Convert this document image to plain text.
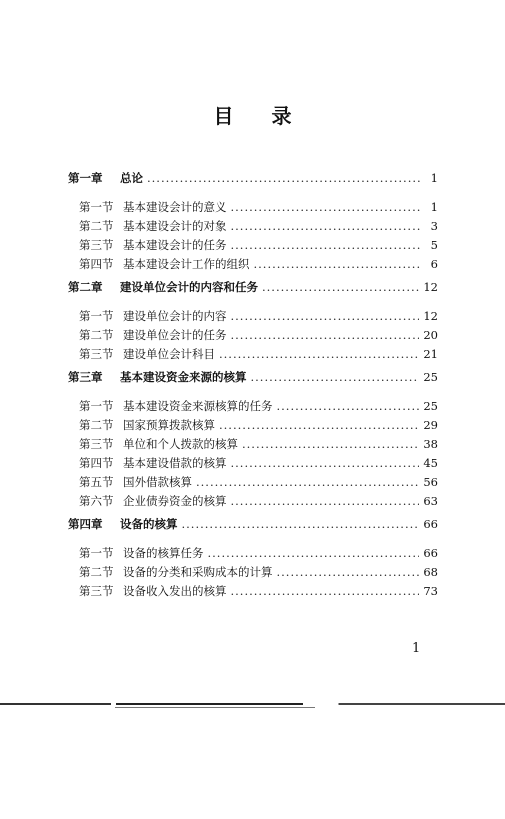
目 录
第一章	总论 .....	1
第一节 基本建设会计的意义 .....	1
第二节 基本建设会计的对象 .....	3
第三节 基本建设会计的任务 .....	5
第四节 基本建设会计工作的组织 .....	6
第二章	建设单位会计的内容和任务 .....	12
第一节 建设单位会计的内容 .....	12
第二节 建设单位会计的任务 .....	20
第三节 建设单位会计科目 .....	21
第三章	基本建设资金来源的核算 .....	25
第一节 基本建设资金来源核算的任务 .....	25
第二节 国家预算拨款核算 .....	29
第三节 单位和个人拨款的核算 .....	38
第四节 基本建设借款的核算 .....	45
第五节 国外借款核算 .....	56
第六节 企业债券资金的核算 .....	63
第四章	设备的核算 .....	66
第一节 设备的核算任务 .....	66
第二节 设备的分类和采购成本的计算 .....	68
第三节 设备收入发出的核算 .....	73
1
